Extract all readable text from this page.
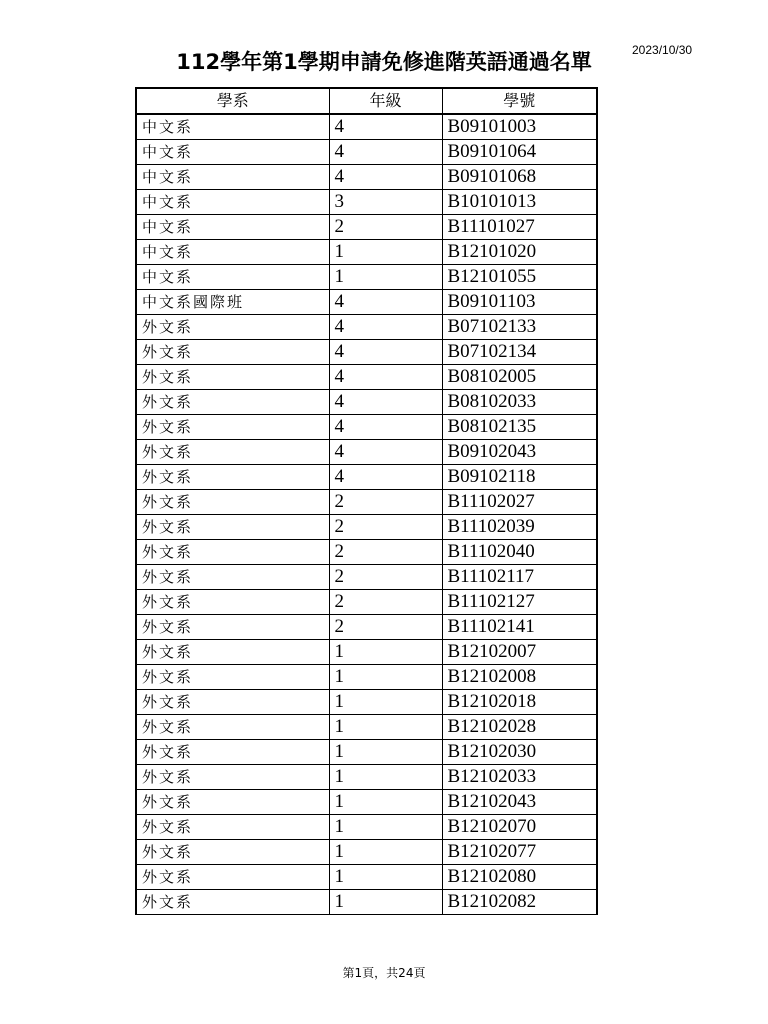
112學年第1學期申請免修進階英語通過名單	2023/10/30
學系	年級	學號
中文系	4	B09101003
中文系	4	B09101064
中文系	4	B09101068
中文系	3	B10101013
中文系	2	B11101027
中文系	1	B12101020
中文系	1	B12101055
中文系國際班	4	B09101103
外文系	4	B07102133
外文系	4	B07102134
外文系	4	B08102005
外文系	4	B08102033
外文系	4	B08102135
外文系	4	B09102043
外文系	4	B09102118
外文系	2	B11102027
外文系	2	B11102039
外文系	2	B11102040
外文系	2	B11102117
外文系	2	B11102127
外文系	2	B11102141
外文系	1	B12102007
外文系	1	B12102008
外文系	1	B12102018
外文系	1	B12102028
外文系	1	B12102030
外文系	1	B12102033
外文系	1	B12102043
外文系	1	B12102070
外文系	1	B12102077
外文系	1	B12102080
外文系	1	B12102082
第1頁，共24頁
